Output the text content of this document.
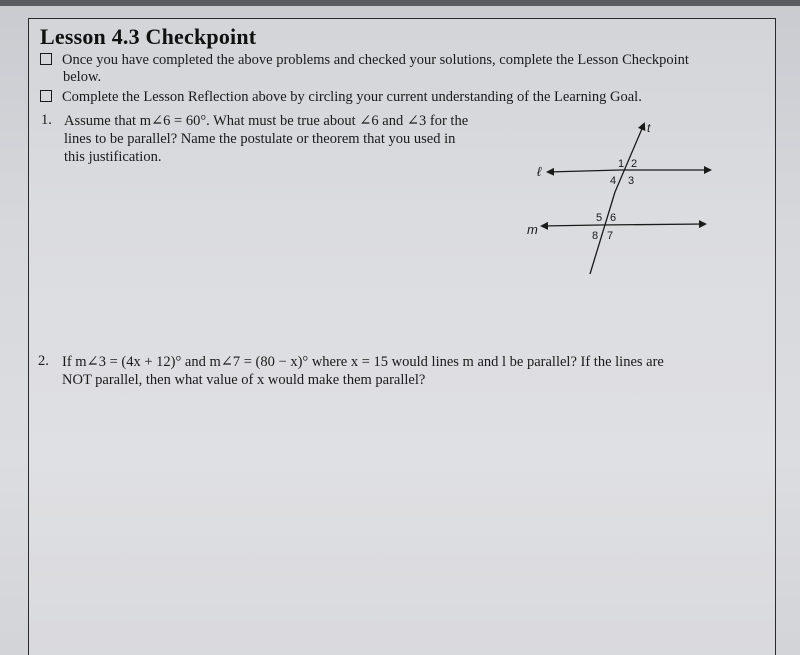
Lesson 4.3 Checkpoint
Once you have completed the above problems and checked your solutions, complete the Lesson Checkpoint
below.
Complete the Lesson Reflection above by circling your current understanding of the Learning Goal.
1. Assume that m∠6 = 60°. What must be true about ∠6 and ∠3 for the
lines to be parallel? Name the postulate or theorem that you used in
this justification.
ℓ
m
t
1 2
3
4
5 6
7
8
2. If m∠3 = (4x + 12)° and m∠7 = (80 − x)° where x = 15 would lines m and l be parallel? If the lines are
NOT parallel, then what value of x would make them parallel?
